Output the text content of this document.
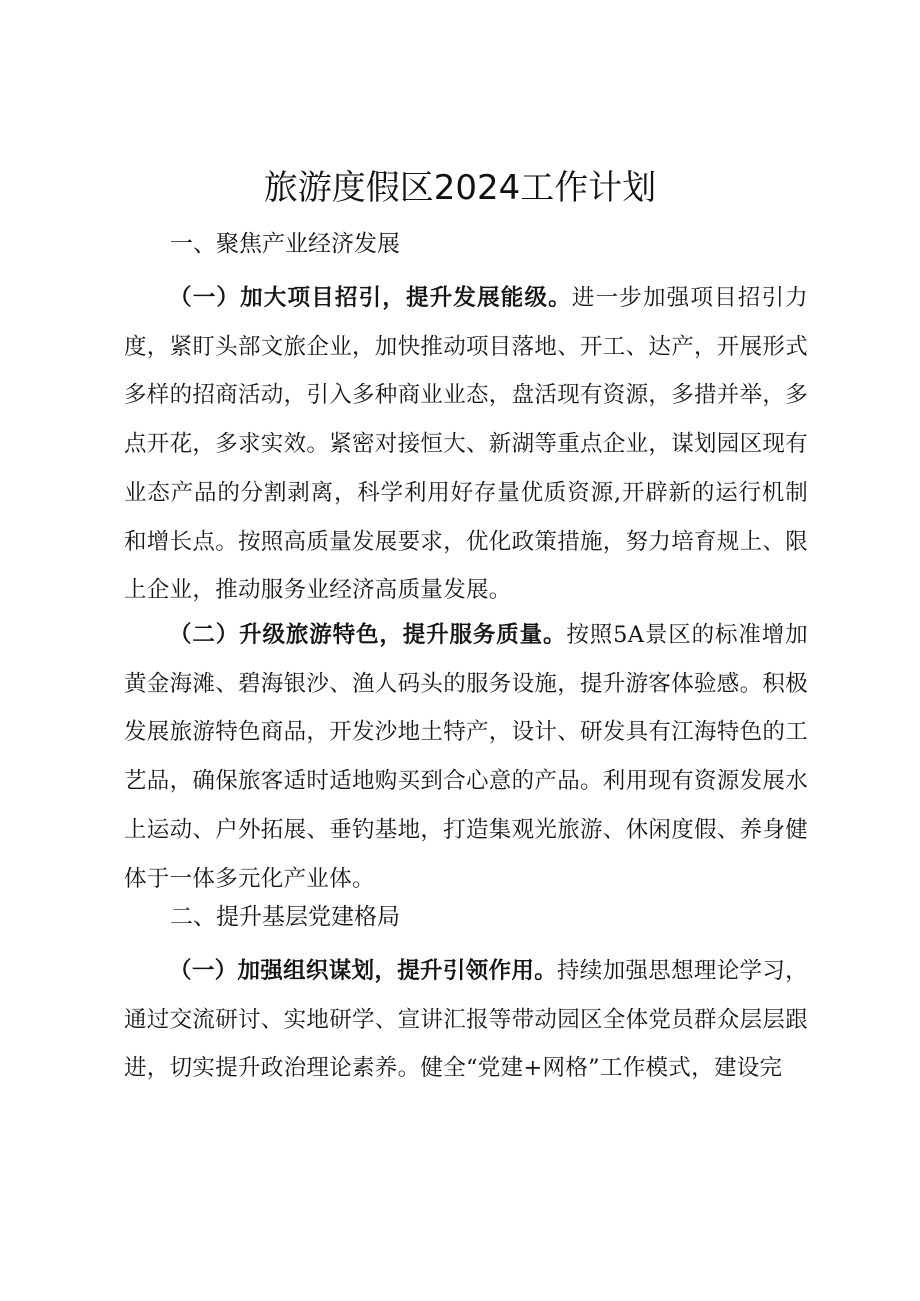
旅游度假区2024工作计划
一、聚焦产业经济发展

（一）加大项目招引，提升发展能级。进一步加强项目招引力度，紧盯头部文旅企业，加快推动项目落地、开工、达产，开展形式多样的招商活动，引入多种商业业态，盘活现有资源，多措并举，多点开花，多求实效。紧密对接恒大、新湖等重点企业，谋划园区现有业态产品的分割剥离，科学利用好存量优质资源,开辟新的运行机制和增长点。按照高质量发展要求，优化政策措施，努力培育规上、限上企业，推动服务业经济高质量发展。

（二）升级旅游特色，提升服务质量。按照5A景区的标准增加黄金海滩、碧海银沙、渔人码头的服务设施，提升游客体验感。积极发展旅游特色商品，开发沙地土特产，设计、研发具有江海特色的工艺品，确保旅客适时适地购买到合心意的产品。利用现有资源发展水上运动、户外拓展、垂钓基地，打造集观光旅游、休闲度假、养身健体于一体多元化产业体。

二、提升基层党建格局

（一）加强组织谋划，提升引领作用。持续加强思想理论学习，通过交流研讨、实地研学、宣讲汇报等带动园区全体党员群众层层跟进，切实提升政治理论素养。健全“党建+网格”工作模式，建设完
